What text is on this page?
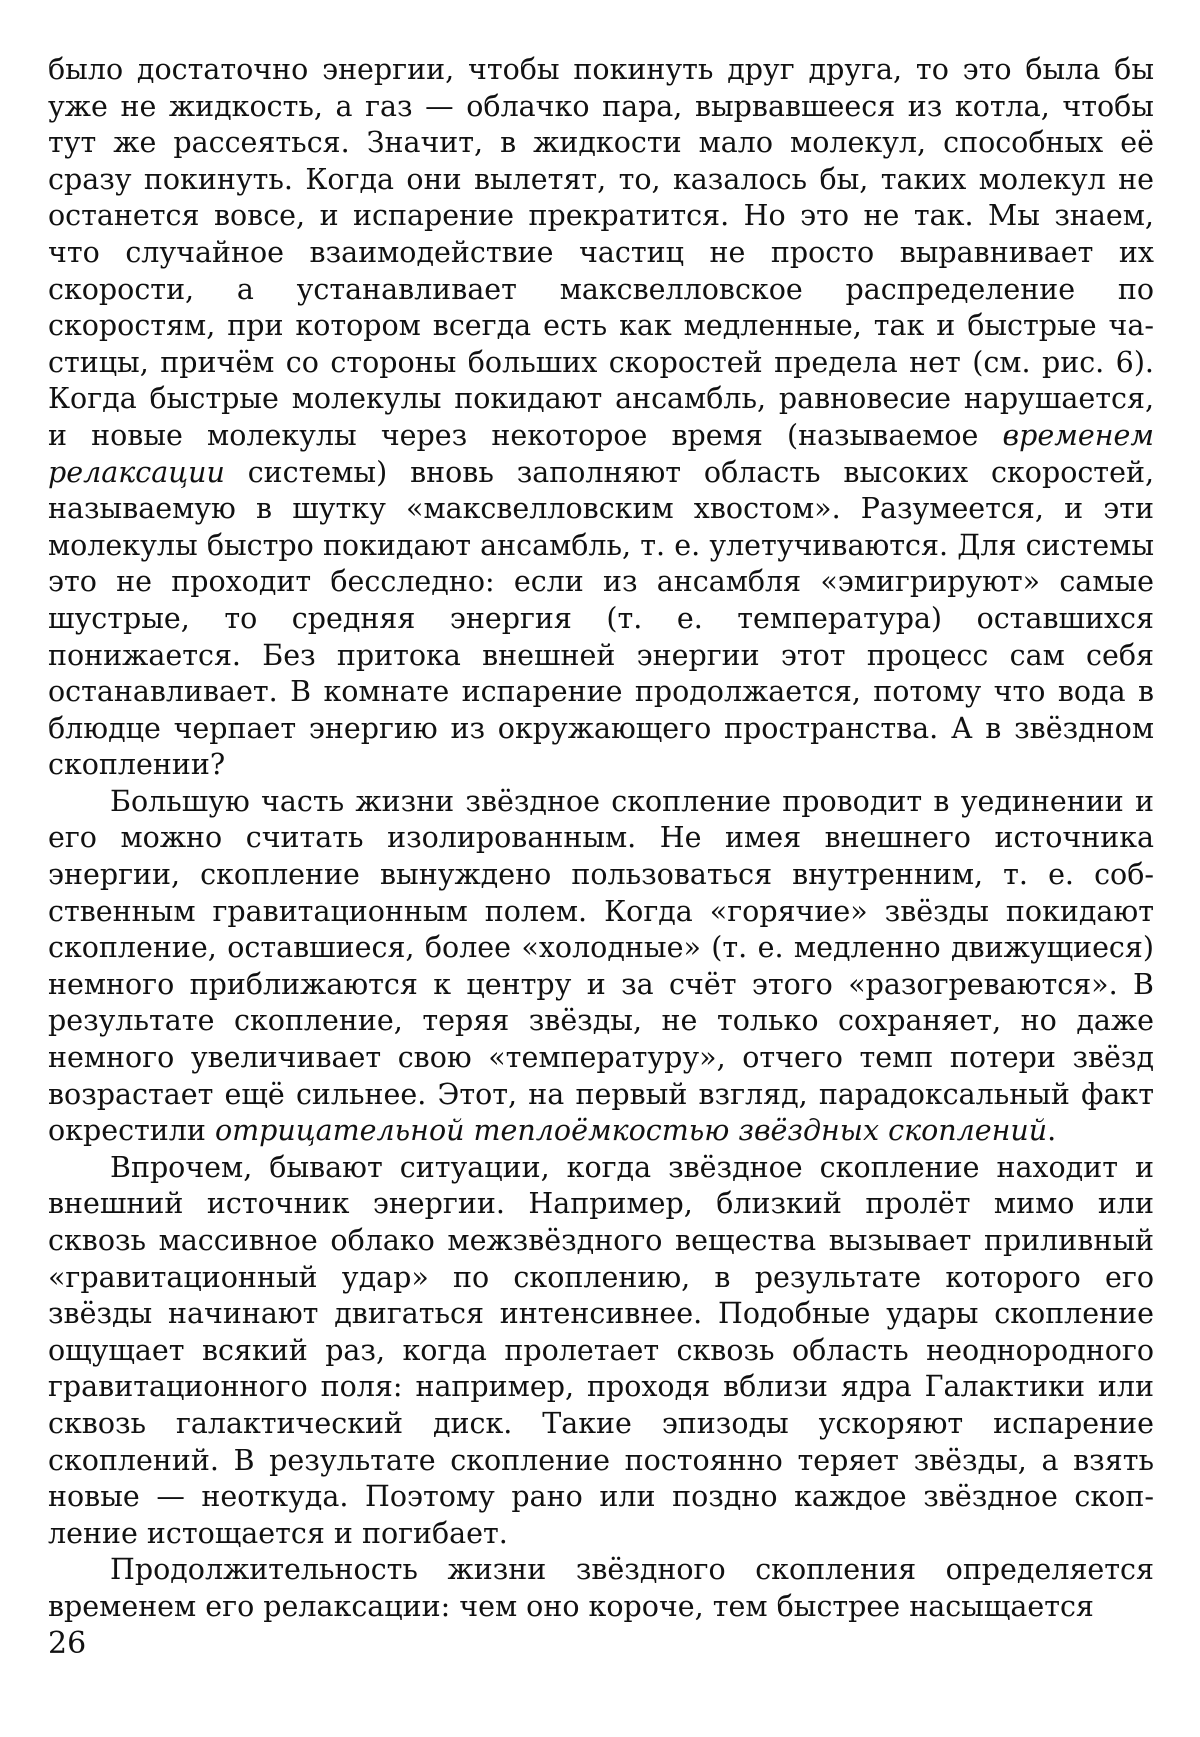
было достаточно энергии, чтобы покинуть друг друга, то это была бы уже не жидкость, а газ — облачко пара, вырвавшееся из котла, чтобы тут же рассеяться. Значит, в жидкости мало молекул, способных её сразу покинуть. Когда они вылетят, то, казалось бы, таких молекул не останется вовсе, и испарение прекратится. Но это не так. Мы знаем, что случайное взаимодействие частиц не просто выравнивает их скорости, а устанавливает максвелловское распределение по скоростям, при котором всегда есть как медленные, так и быстрые частицы, причём со стороны больших скоростей предела нет (см. рис. 6). Когда быстрые молекулы покидают ансамбль, равновесие нарушается, и новые молекулы через некоторое время (называемое временем релаксации системы) вновь заполняют область высоких скоростей, называемую в шутку «максвелловским хвостом». Разумеется, и эти молекулы быстро покидают ансамбль, т. е. улетучиваются. Для системы это не проходит бесследно: если из ансамбля «эмигрируют» самые шустрые, то средняя энергия (т. е. температура) оставшихся понижается. Без притока внешней энергии этот процесс сам себя останавливает. В комнате испарение продолжается, потому что вода в блюдце черпает энергию из окружающего пространства. А в звёздном скоплении?

Большую часть жизни звёздное скопление проводит в уединении и его можно считать изолированным. Не имея внешнего источника энергии, скопление вынуждено пользоваться внутренним, т. е. собственным гравитационным полем. Когда «горячие» звёзды покидают скопление, оставшиеся, более «холодные» (т. е. медленно движущиеся) немного приближаются к центру и за счёт этого «разогреваются». В результате скопление, теряя звёзды, не только сохраняет, но даже немного увеличивает свою «температуру», отчего темп потери звёзд возрастает ещё сильнее. Этот, на первый взгляд, парадоксальный факт окрестили отрицательной теплоёмкостью звёздных скоплений.

Впрочем, бывают ситуации, когда звёздное скопление находит и внешний источник энергии. Например, близкий пролёт мимо или сквозь массивное облако межзвёздного вещества вызывает приливный «гравитационный удар» по скоплению, в результате которого его звёзды начинают двигаться интенсивнее. Подобные удары скопление ощущает всякий раз, когда пролетает сквозь область неоднородного гравитационного поля: например, проходя вблизи ядра Галактики или сквозь галактический диск. Такие эпизоды ускоряют испарение скоплений. В результате скопление постоянно теряет звёзды, а взять новые — неоткуда. Поэтому рано или поздно каждое звёздное скопление истощается и погибает.

Продолжительность жизни звёздного скопления определяется временем его релаксации: чем оно короче, тем быстрее насыщается

26
